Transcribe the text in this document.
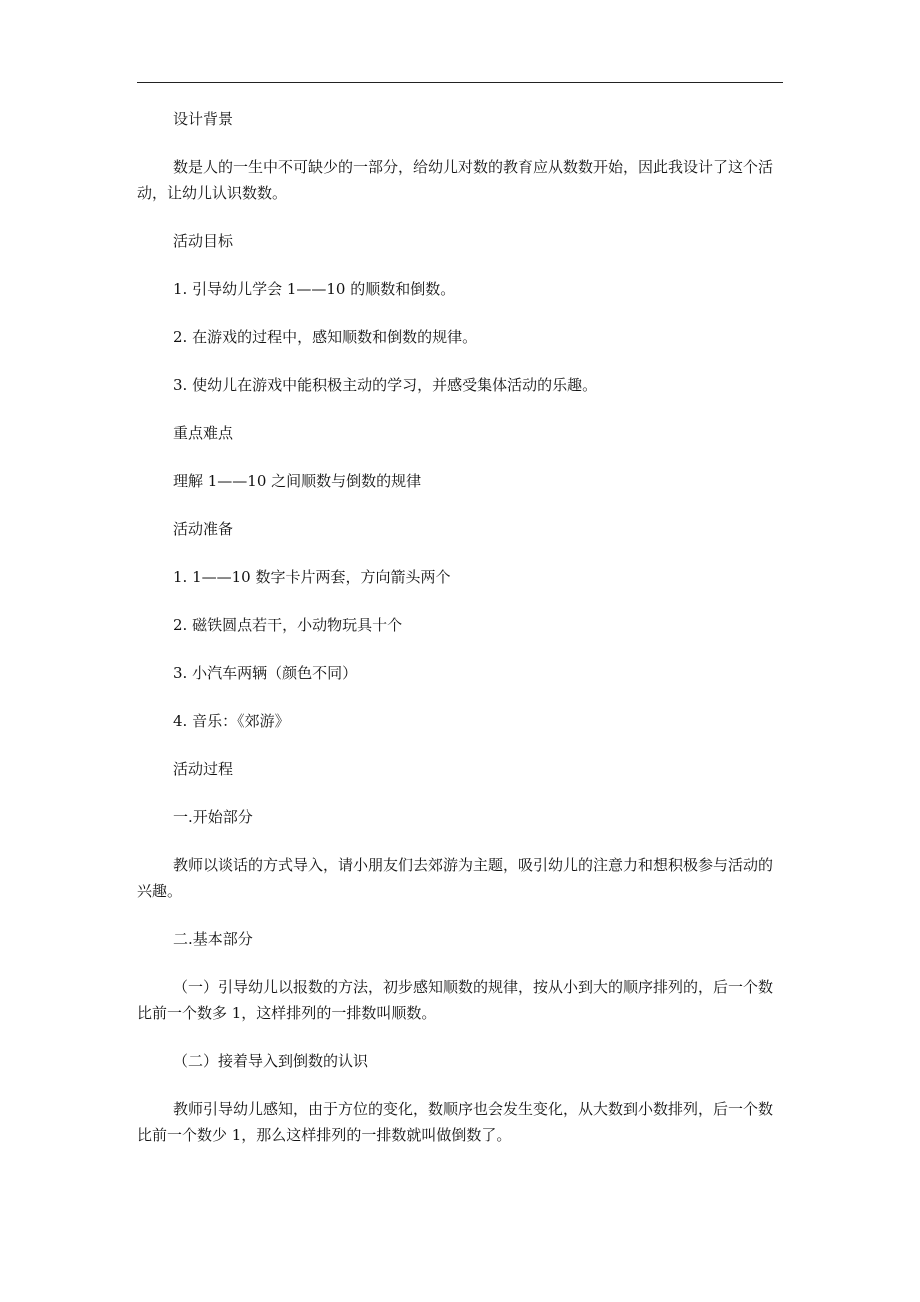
设计背景

数是人的一生中不可缺少的一部分，给幼儿对数的教育应从数数开始，因此我设计了这个活动，让幼儿认识数数。

活动目标

1. 引导幼儿学会 1——10 的顺数和倒数。

2. 在游戏的过程中，感知顺数和倒数的规律。

3. 使幼儿在游戏中能积极主动的学习，并感受集体活动的乐趣。

重点难点

理解 1——10 之间顺数与倒数的规律

活动准备

1. 1——10 数字卡片两套，方向箭头两个

2. 磁铁圆点若干，小动物玩具十个

3. 小汽车两辆（颜色不同）

4. 音乐：《郊游》

活动过程

一.开始部分

教师以谈话的方式导入，请小朋友们去郊游为主题，吸引幼儿的注意力和想积极参与活动的兴趣。

二.基本部分

（一）引导幼儿以报数的方法，初步感知顺数的规律，按从小到大的顺序排列的，后一个数比前一个数多 1，这样排列的一排数叫顺数。

（二）接着导入到倒数的认识

教师引导幼儿感知，由于方位的变化，数顺序也会发生变化，从大数到小数排列，后一个数比前一个数少 1，那么这样排列的一排数就叫做倒数了。
